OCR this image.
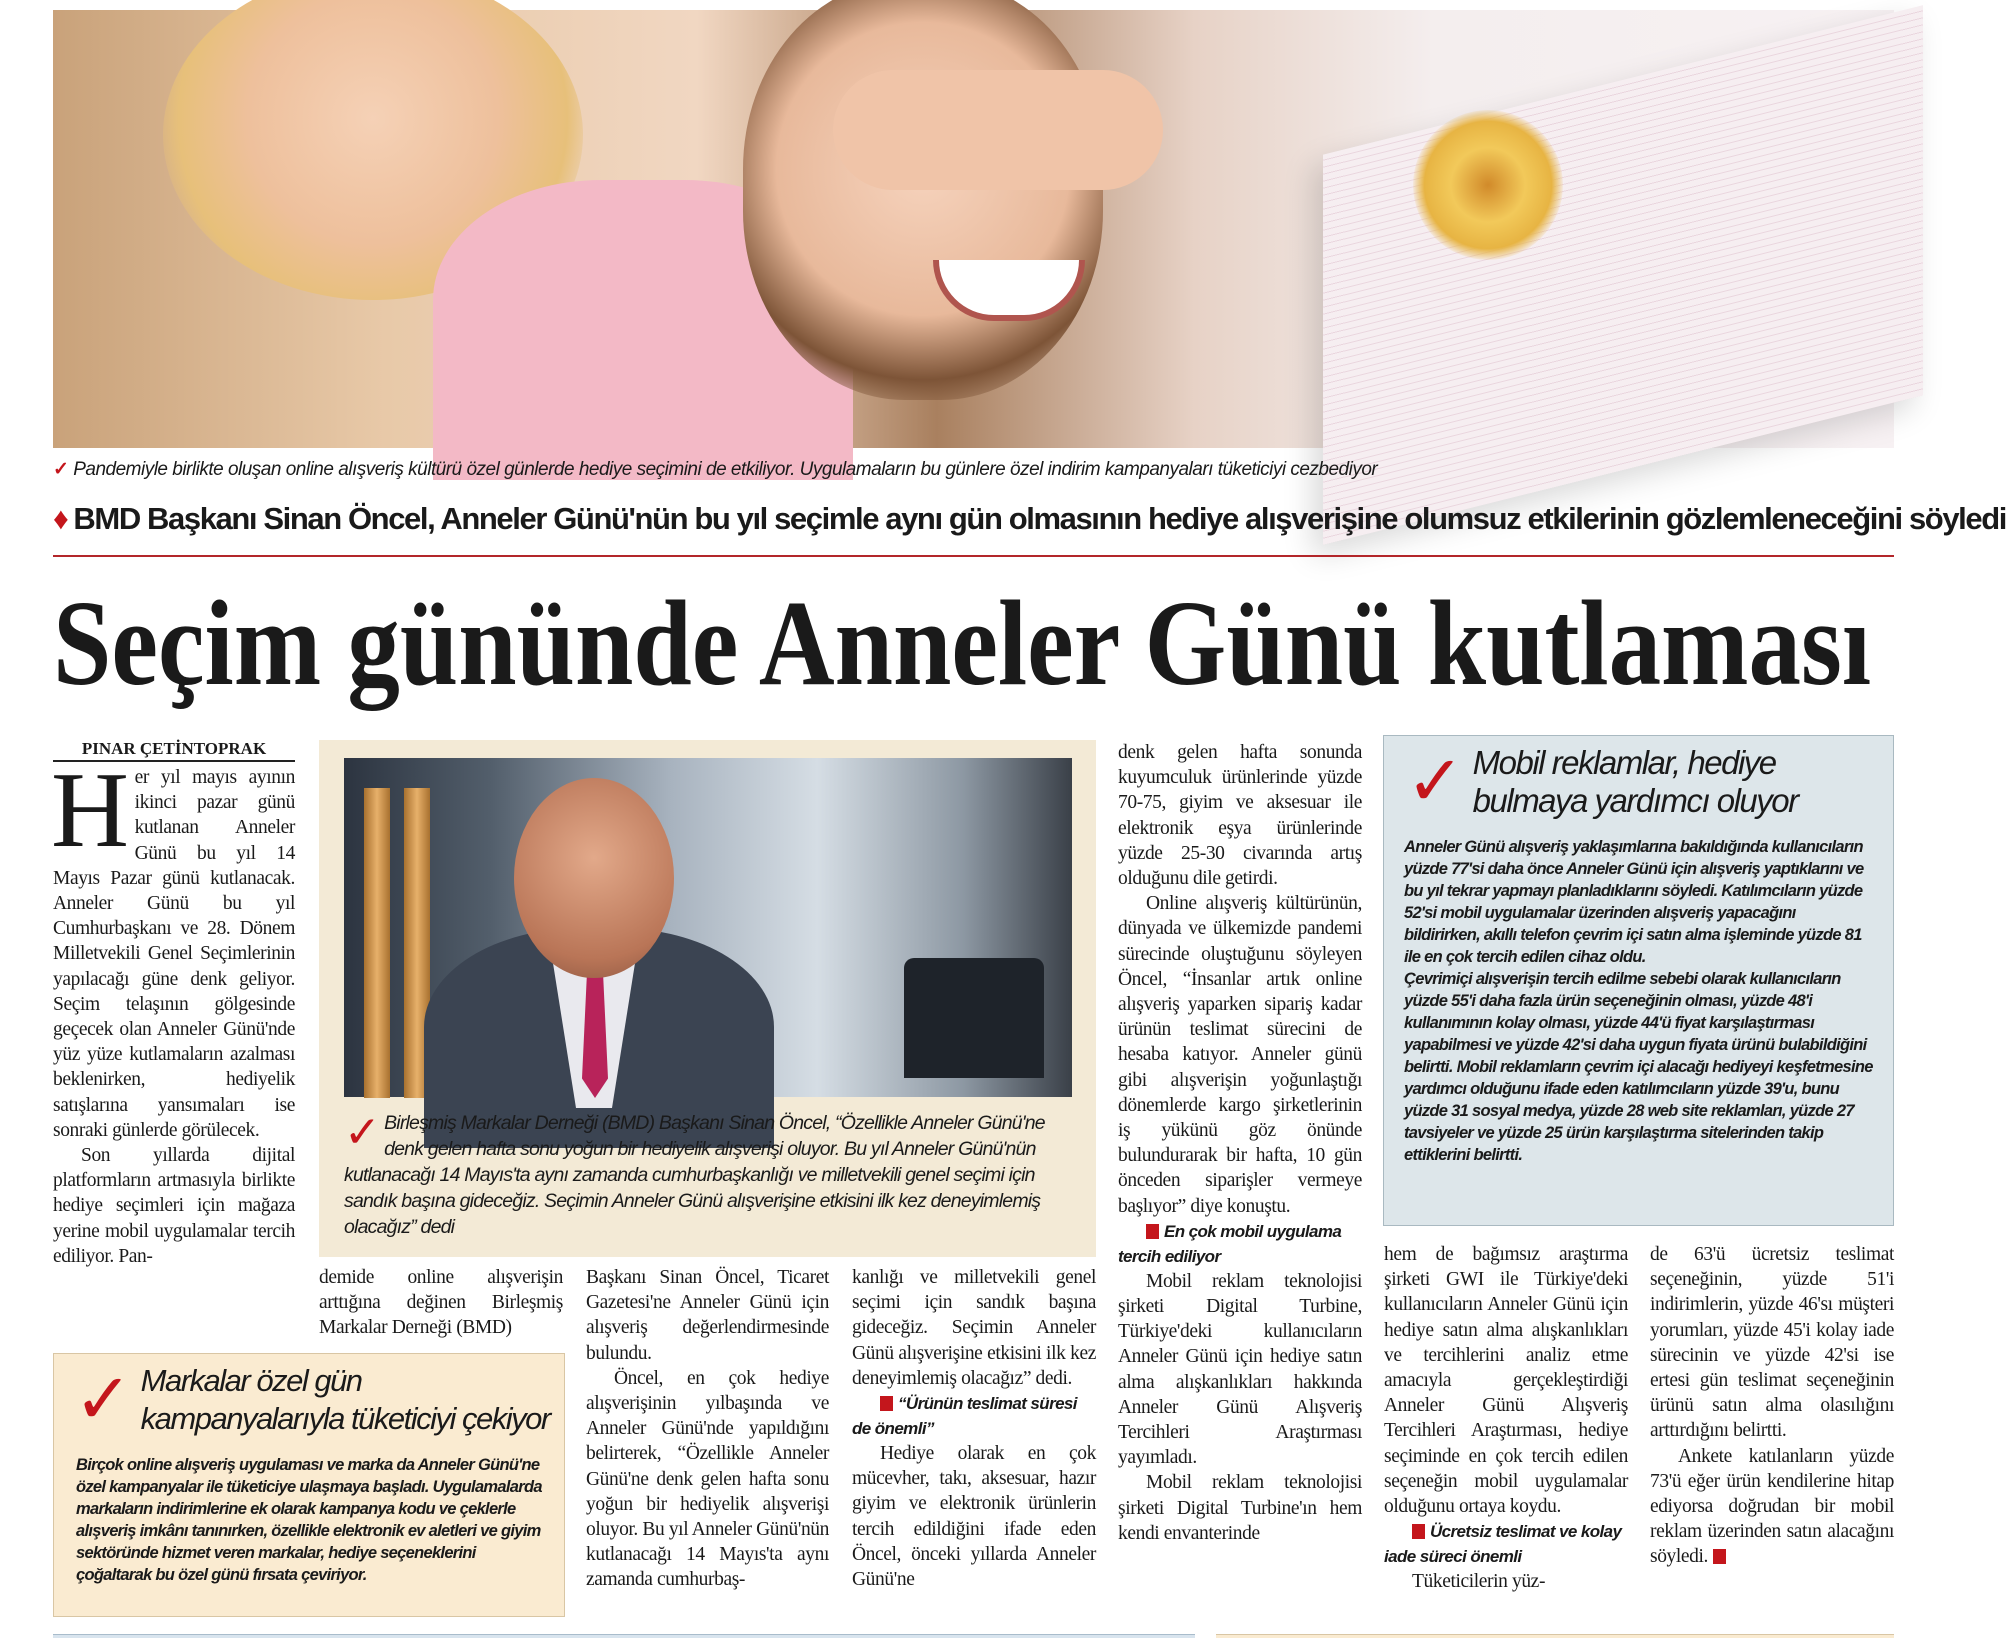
✓ Pandemiyle birlikte oluşan online alışveriş kültürü özel günlerde hediye seçimini de etkiliyor. Uygulamaların bu günlere özel indirim kampanyaları tüketiciyi cezbediyor
♦ BMD Başkanı Sinan Öncel, Anneler Günü'nün bu yıl seçimle aynı gün olmasının hediye alışverişine olumsuz etkilerinin gözlemleneceğini söyledi
Seçim gününde Anneler Günü kutlaması
PINAR ÇETİNTOPRAK
H er yıl mayıs ayının ikinci pazar günü kutlanan Anneler Günü bu yıl 14 Mayıs Pazar günü kutlanacak. Anneler Günü bu yıl Cumhurbaşkanı ve 28. Dönem Milletvekili Genel Seçimlerinin yapılacağı güne denk geliyor. Seçim telaşının gölgesinde geçecek olan Anneler Günü'nde yüz yüze kutlamaların azalması beklenirken, hediyelik satışlarına yansımaları ise sonraki günlerde görülecek.

Son yıllarda dijital platformların artmasıyla birlikte hediye seçimleri için mağaza yerine mobil uygulamalar tercih ediliyor. Pan-

✓ Birleşmiş Markalar Derneği (BMD) Başkanı Sinan Öncel, “Özellikle Anneler Günü'ne denk gelen hafta sonu yoğun bir hediyelik alışverişi oluyor. Bu yıl Anneler Günü'nün kutlanacağı 14 Mayıs'ta aynı zamanda cumhurbaşkanlığı ve milletvekili genel seçimi için sandık başına gideceğiz. Seçimin Anneler Günü alışverişine etkisini ilk kez deneyimlemiş olacağız” dedi

demide online alışverişin arttığına değinen Birleşmiş Markalar Derneği (BMD)

Başkanı Sinan Öncel, Ticaret Gazetesi'ne Anneler Günü için alışveriş değerlendirmesinde bulundu.

Öncel, en çok hediye alışverişinin yılbaşında ve Anneler Günü'nde yapıldığını belirterek, “Özellikle Anneler Günü'ne denk gelen hafta sonu yoğun bir hediyelik alışverişi oluyor. Bu yıl Anneler Günü'nün kutlanacağı 14 Mayıs'ta aynı zamanda cumhurbaş-

kanlığı ve milletvekili genel seçimi için sandık başına gideceğiz. Seçimin Anneler Günü alışverişine etkisini ilk kez deneyimlemiş olacağız” dedi.

“Ürünün teslimat süresi de önemli”

Hediye olarak en çok mücevher, takı, aksesuar, hazır giyim ve elektronik ürünlerin tercih edildiğini ifade eden Öncel, önceki yıllarda Anneler Günü'ne

denk gelen hafta sonunda kuyumculuk ürünlerinde yüzde 70-75, giyim ve aksesuar ile elektronik eşya ürünlerinde yüzde 25-30 civarında artış olduğunu dile getirdi.

Online alışveriş kültürünün, dünyada ve ülkemizde pandemi sürecinde oluştuğunu söyleyen Öncel, “İnsanlar artık online alışveriş yaparken sipariş kadar ürünün teslimat sürecini de hesaba katıyor. Anneler günü gibi alışverişin yoğunlaştığı dönemlerde kargo şirketlerinin iş yükünü göz önünde bulundurarak bir hafta, 10 gün önceden siparişler vermeye başlıyor” diye konuştu.

En çok mobil uygulama tercih ediliyor

Mobil reklam teknolojisi şirketi Digital Turbine, Türkiye'deki kullanıcıların Anneler Günü için hediye satın alma alışkanlıkları hakkında Anneler Günü Alışveriş Tercihleri Araştırması yayımladı.

Mobil reklam teknolojisi şirketi Digital Turbine'ın hem kendi envanterinde

✓ Mobil reklamlar, hediye bulmaya yardımcı oluyor
Anneler Günü alışveriş yaklaşımlarına bakıldığında kullanıcıların yüzde 77'si daha önce Anneler Günü için alışveriş yaptıklarını ve bu yıl tekrar yapmayı planladıklarını söyledi. Katılımcıların yüzde 52'si mobil uygulamalar üzerinden alışveriş yapacağını bildirirken, akıllı telefon çevrim içi satın alma işleminde yüzde 81 ile en çok tercih edilen cihaz oldu.
Çevrimiçi alışverişin tercih edilme sebebi olarak kullanıcıların yüzde 55'i daha fazla ürün seçeneğinin olması, yüzde 48'i kullanımının kolay olması, yüzde 44'ü fiyat karşılaştırması yapabilmesi ve yüzde 42'si daha uygun fiyata ürünü bulabildiğini belirtti. Mobil reklamların çevrim içi alacağı hediyeyi keşfetmesine yardımcı olduğunu ifade eden katılımcıların yüzde 39'u, bunu yüzde 31 sosyal medya, yüzde 28 web site reklamları, yüzde 27 tavsiyeler ve yüzde 25 ürün karşılaştırma sitelerinden takip ettiklerini belirtti.

hem de bağımsız araştırma şirketi GWI ile Türkiye'deki kullanıcıların Anneler Günü için hediye satın alma alışkanlıkları ve tercihlerini analiz etme amacıyla gerçekleştirdiği Anneler Günü Alışveriş Tercihleri Araştırması, hediye seçiminde en çok tercih edilen seçeneğin mobil uygulamalar olduğunu ortaya koydu.

Ücretsiz teslimat ve kolay iade süreci önemli

Tüketicilerin yüz-

de 63'ü ücretsiz teslimat seçeneğinin, yüzde 51'i indirimlerin, yüzde 46'sı müşteri yorumları, yüzde 45'i kolay iade sürecinin ve yüzde 42'si ise ertesi gün teslimat seçeneğinin ürünü satın alma olasılığını arttırdığını belirtti.

Ankete katılanların yüzde 73'ü eğer ürün kendilerine hitap ediyorsa doğrudan bir mobil reklam üzerinden satın alacağını söyledi.

✓ Markalar özel gün kampanyalarıyla tüketiciyi çekiyor
Birçok online alışveriş uygulaması ve marka da Anneler Günü'ne özel kampanyalar ile tüketiciye ulaşmaya başladı. Uygulamalarda markaların indirimlerine ek olarak kampanya kodu ve çeklerle alışveriş imkânı tanınırken, özellikle elektronik ev aletleri ve giyim sektöründe hizmet veren markalar, hediye seçeneklerini çoğaltarak bu özel günü fırsata çeviriyor.
